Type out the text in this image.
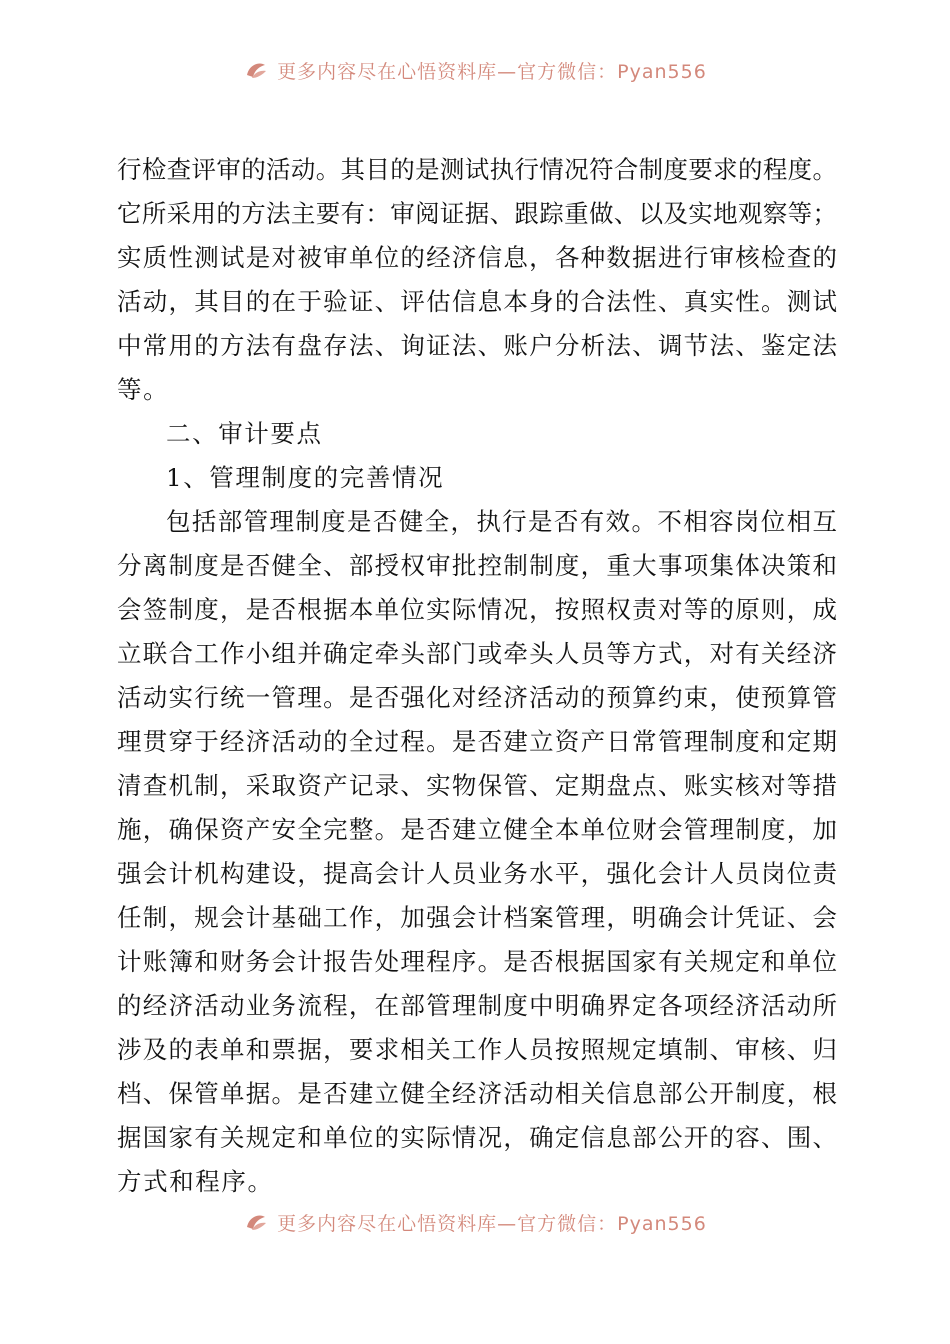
更多内容尽在心悟资料库—官方微信：Pyan556
行检查评审的活动。其目的是测试执行情况符合制度要求的程度。
它所采用的方法主要有：审阅证据、跟踪重做、以及实地观察等；
实质性测试是对被审单位的经济信息，各种数据进行审核检查的
活动，其目的在于验证、评估信息本身的合法性、真实性。测试
中常用的方法有盘存法、询证法、账户分析法、调节法、鉴定法
等。
二、审计要点
1、管理制度的完善情况
包括部管理制度是否健全，执行是否有效。不相容岗位相互
分离制度是否健全、部授权审批控制制度，重大事项集体决策和
会签制度，是否根据本单位实际情况，按照权责对等的原则，成
立联合工作小组并确定牵头部门或牵头人员等方式，对有关经济
活动实行统一管理。是否强化对经济活动的预算约束，使预算管
理贯穿于经济活动的全过程。是否建立资产日常管理制度和定期
清查机制，采取资产记录、实物保管、定期盘点、账实核对等措
施，确保资产安全完整。是否建立健全本单位财会管理制度，加
强会计机构建设，提高会计人员业务水平，强化会计人员岗位责
任制，规会计基础工作，加强会计档案管理，明确会计凭证、会
计账簿和财务会计报告处理程序。是否根据国家有关规定和单位
的经济活动业务流程，在部管理制度中明确界定各项经济活动所
涉及的表单和票据，要求相关工作人员按照规定填制、审核、归
档、保管单据。是否建立健全经济活动相关信息部公开制度，根
据国家有关规定和单位的实际情况，确定信息部公开的容、围、
方式和程序。
更多内容尽在心悟资料库—官方微信：Pyan556
